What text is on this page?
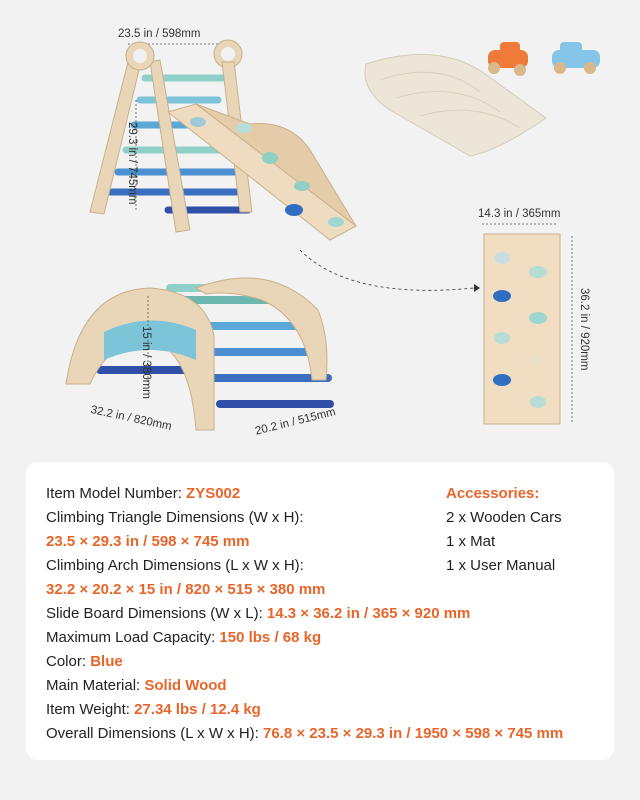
23.5 in / 598mm
29.3 in / 745mm
15 in / 380mm
32.2 in / 820mm	20.2 in / 515mm
14.3 in / 365mm
36.2 in / 920mm
Item Model Number: ZYS002
Climbing Triangle Dimensions (W x H):
23.5 × 29.3 in / 598 × 745 mm
Climbing Arch Dimensions (L x W x H):
32.2 × 20.2 × 15 in / 820 × 515 × 380 mm
Slide Board Dimensions (W x L): 14.3 × 36.2 in / 365 × 920 mm
Maximum Load Capacity: 150 lbs / 68 kg
Color: Blue
Main Material: Solid Wood
Item Weight: 27.34 lbs / 12.4 kg
Overall Dimensions (L x W x H): 76.8 × 23.5 × 29.3 in / 1950 × 598 × 745 mm
Accessories:
2 x Wooden Cars
1 x Mat
1 x User Manual
